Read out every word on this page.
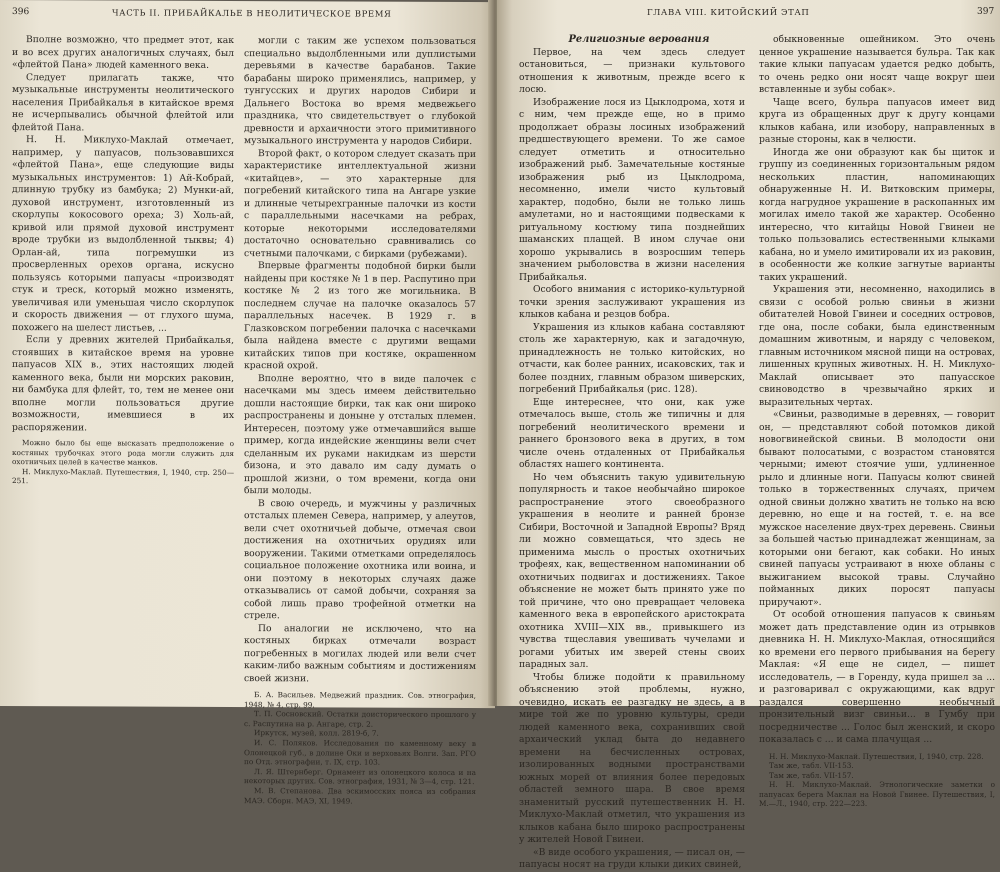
396	ЧАСТЬ II. ПРИБАЙКАЛЬЕ В НЕОЛИТИЧЕСКОЕ ВРЕМЯ

Вполне возможно, что предмет этот, как и во всех других аналогичных случаях, был «флейтой Пана» людей каменного века.

Следует прилагать также, что музыкальные инструменты неолитического населения Прибайкалья в китайское время не исчерпывались обычной флейтой или флейтой Пана.

Н. Н. Миклухо-Маклай отмечает, например, у папуасов, пользовавшихся «флейтой Пана», еще следующие виды музыкальных инструментов: 1) Ай-Кобрай, длинную трубку из бамбука; 2) Мунки-ай, духовой инструмент, изготовленный из скорлупы кокосового ореха; 3) Холь-ай, кривой или прямой духовой инструмент вроде трубки из выдолбленной тыквы; 4) Орлан-ай, типа погремушки из просверленных орехов органа, искусно пользуясь которыми папуасы «производят стук и треск, который можно изменять, увеличивая или уменьшая число скорлупок и скорость движения — от глухого шума, похожего на шелест листьев, ...

Если у древних жителей Прибайкалья, стоявших в китайское время на уровне папуасов XIX в., этих настоящих людей каменного века, были ни морских раковин, ни бамбука для флейт, то, тем не менее они вполне могли пользоваться другие возможности, имевшиеся в их распоряжении.

Можно было бы еще высказать предположение о костяных трубочках этого рода могли служить для охотничьих целей в качестве манков.

Н. Миклухо-Маклай. Путешествия, I, 1940, стр. 250—251.

могли с таким же успехом пользоваться специально выдолбленными или дуплистыми деревьями в качестве барабанов. Такие барабаны широко применялись, например, у тунгусских и других народов Сибири и Дальнего Востока во время медвежьего праздника, что свидетельствует о глубокой древности и архаичности этого примитивного музыкального инструмента у народов Сибири.

Второй факт, о котором следует сказать при характеристике интеллектуальной жизни «китайцев», — это характерные для погребений китайского типа на Ангаре узкие и длинные четырехгранные палочки из кости с параллельными насечками на ребрах, которые некоторыми исследователями достаточно основательно сравнивались со счетными палочками, с бирками (рубежами).

Впервые фрагменты подобной бирки были найдены при костяке № 1 в пер. Распутино при костяке № 2 из того же могильника. В последнем случае на палочке оказалось 57 параллельных насечек. В 1929 г. в Глазковском погребении палочка с насечками была найдена вместе с другими вещами китайских типов при костяке, окрашенном красной охрой.

Вполне вероятно, что в виде палочек с насечками мы здесь имеем действительно дошли настоящие бирки, так как они широко распространены и доныне у отсталых племен. Интересен, поэтому уже отмечавшийся выше пример, когда индейские женщины вели счет сделанным их руками накидкам из шерсти бизона, и это давало им саду думать о прошлой жизни, о том времени, когда они были молоды.

В свою очередь, и мужчины у различных отсталых племен Севера, например, у алеутов, вели счет охотничьей добыче, отмечая свои достижения на охотничьих орудиях или вооружении. Такими отметками определялось социальное положение охотника или воина, и они поэтому в некоторых случаях даже отказывались от самой добычи, сохраняя за собой лишь право трофейной отметки на стреле.

По аналогии не исключено, что на костяных бирках отмечали возраст погребенных в могилах людей или вели счет каким-либо важным событиям и достижениям своей жизни.

Б. А. Васильев. Медвежий праздник. Сов. этнография, 1948, № 4, стр. 99.

Т. П. Сосновский. Остатки доисторического прошлого у с. Распутина на р. Ангаре, стр. 2.

Иркутск, музей, колл. 2819-б, 7.

И. С. Поляков. Исследования по каменному веку в Олонецкой губ., в долине Оки и верховьях Волги. Зап. РГО по Отд. этнографии, т. IX, стр. 103.

Л. Я. Штернберг. Орнамент из олонецкого колоса и на некоторых других. Сов. этнография, 1931, № 3—4, стр. 121.

М. В. Степанова. Два эскимосских пояса из собрания МАЭ. Сборн. МАЭ, XI, 1949.

ГЛАВА VIII. КИТОЙСКИЙ ЭТАП	397

Религиозные верования

Первое, на чем здесь следует остановиться, — признаки культового отношения к животным, прежде всего к лосю.

Изображение лося из Цыклодрома, хотя и с ним, чем прежде еще, но в примо продолжает образы лосиных изображений предшествующего времени. То же самое следует отметить и относительно изображений рыб. Замечательные костяные изображения рыб из Цыклодрома, несомненно, имели чисто культовый характер, подобно, были не только лишь амулетами, но и настоящими подвесками к ритуальному костюму типа позднейших шаманских плащей. В ином случае они хорошо укрывались в возросшим теперь значением рыболовства в жизни населения Прибайкалья.

Особого внимания с историко-культурной точки зрения заслуживают украшения из клыков кабана и резцов бобра.

Украшения из клыков кабана составляют столь же характерную, как и загадочную, принадлежность не только китойских, но отчасти, как более ранних, исаковских, так и более поздних, главным образом шиверских, погребений Прибайкалья (рис. 128).

Еще интереснее, что они, как уже отмечалось выше, столь же типичны и для погребений неолитического времени и раннего бронзового века в других, в том числе очень отдаленных от Прибайкалья областях нашего континента.

Но чем объяснить такую удивительную популярность и такое необычайно широкое распространение этого своеобразного украшения в неолите и ранней бронзе Сибири, Восточной и Западной Европы? Вряд ли можно совмещаться, что здесь не применима мысль о простых охотничьих трофеях, как, вещественном напоминании об охотничьих подвигах и достижениях. Такое объяснение не может быть принято уже по той причине, что оно превращает человека каменного века в европейского аристократа охотника XVIII—XIX вв., привыкшего из чувства тщеславия увешивать чучелами и рогами убитых им зверей стены своих парадных зал.

Чтобы ближе подойти к правильному объяснению этой проблемы, нужно, очевидно, искать ее разгадку не здесь, а в мире той же по уровню культуры, среди людей каменного века, сохранивших свой архаический уклад быта до недавнего времени на бесчисленных островах, изолированных водными пространствами южных морей от влияния более передовых областей земного шара. В свое время знаменитый русский путешественник Н. Н. Миклухо-Маклай отметил, что украшения из клыков кабана было широко распространены у жителей Новой Гвинеи.

«В виде особого украшения, — писал он, — папуасы носят на груди клыки диких свиней,

обыкновенные ошейником. Это очень ценное украшение называется бульра. Так как такие клыки папуасам удается редко добыть, то очень редко они носят чаще вокруг шеи вставленные и зубы собак».

Чаще всего, бульра папуасов имеет вид круга из обращенных друг к другу концами клыков кабана, или изобору, направленных в разные стороны, как в челюсти.

Иногда же они образуют как бы щиток и группу из соединенных горизонтальным рядом нескольких пластин, напоминающих обнаруженные Н. И. Витковским примеры, когда нагрудное украшение в раскопанных им могилах имело такой же характер. Особенно интересно, что китайцы Новой Гвинеи не только пользовались естественными клыками кабана, но и умело имитировали их из раковин, в особенности же колкие загнутые варианты таких украшений.

Украшения эти, несомненно, находились в связи с особой ролью свиньи в жизни обитателей Новой Гвинеи и соседних островов, где она, после собаки, была единственным домашним животным, и наряду с человеком, главным источником мясной пищи на островах, лишенных крупных животных. Н. Н. Миклухо-Маклай описывает это папуасское свиноводство в чрезвычайно ярких и выразительных чертах.

«Свиньи, разводимые в деревнях, — говорит он, — представляют собой потомков дикой новогвинейской свиньи. В молодости они бывают полосатыми, с возрастом становятся черными; имеют стоячие уши, удлиненное рыло и длинные ноги. Папуасы колют свиней только в торжественных случаях, причем одной свиньи должно хватить не только на всю деревню, но еще и на гостей, т. е. на все мужское население двух-трех деревень. Свиньи за большей частью принадлежат женщинам, за которыми они бегают, как собаки. Но иных свиней папуасы устраивают в нюхе обланы с выжиганием высокой травы. Случайно пойманных диких поросят папуасы приручают».

От особой отношения папуасов к свиньям может дать представление один из отрывков дневника Н. Н. Миклухо-Маклая, относящийся ко времени его первого прибывания на берегу Маклая: «Я еще не сидел, — пишет исследователь, — в Горенду, куда пришел за ... и разговаривал с окружающими, как вдруг раздался совершенно необычный пронзительный визг свиньи... в Гумбу при посредничестве ... Голос был женский, и скоро показалась с ... и сама плачущая ...

Н. Н. Миклухо-Маклай. Путешествия, I, 1940, стр. 228.

Там же, табл. VII-153.

Там же, табл. VII-157.

Н. Н. Миклухо-Маклай. Этнологические заметки о папуасах берега Маклая на Новой Гвинее. Путешествия, I, М.—Л., 1940, стр. 222—223.
